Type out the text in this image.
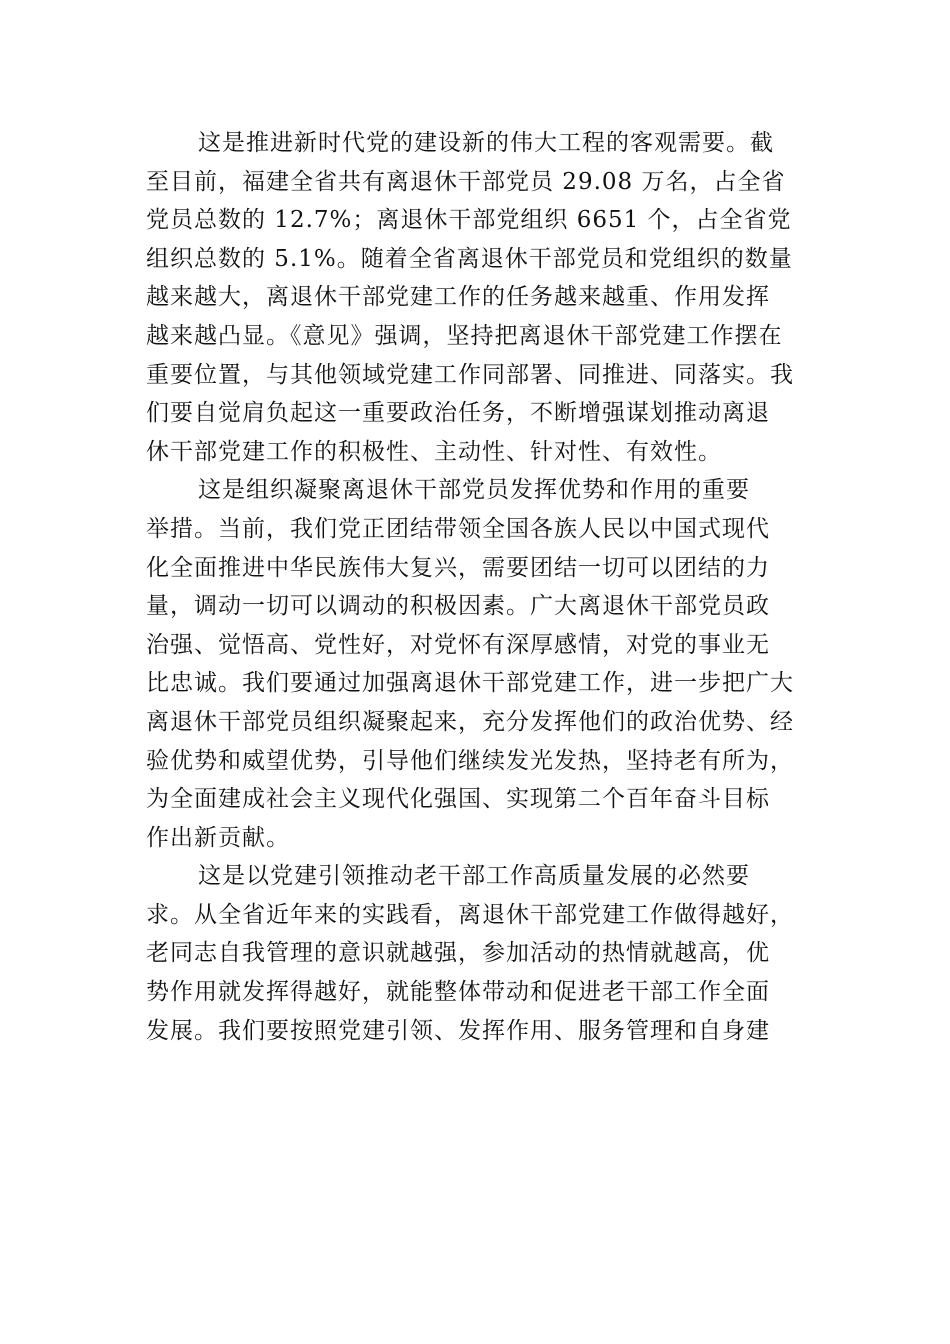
这是推进新时代党的建设新的伟大工程的客观需要。截
至目前，福建全省共有离退休干部党员 29.08 万名，占全省
党员总数的 12.7%；离退休干部党组织 6651 个，占全省党
组织总数的 5.1%。随着全省离退休干部党员和党组织的数量
越来越大，离退休干部党建工作的任务越来越重、作用发挥
越来越凸显。《意见》强调，坚持把离退休干部党建工作摆在
重要位置，与其他领域党建工作同部署、同推进、同落实。我
们要自觉肩负起这一重要政治任务，不断增强谋划推动离退
休干部党建工作的积极性、主动性、针对性、有效性。
这是组织凝聚离退休干部党员发挥优势和作用的重要
举措。当前，我们党正团结带领全国各族人民以中国式现代
化全面推进中华民族伟大复兴，需要团结一切可以团结的力
量，调动一切可以调动的积极因素。广大离退休干部党员政
治强、觉悟高、党性好，对党怀有深厚感情，对党的事业无
比忠诚。我们要通过加强离退休干部党建工作，进一步把广大
离退休干部党员组织凝聚起来，充分发挥他们的政治优势、经
验优势和威望优势，引导他们继续发光发热，坚持老有所为，
为全面建成社会主义现代化强国、实现第二个百年奋斗目标
作出新贡献。
这是以党建引领推动老干部工作高质量发展的必然要
求。从全省近年来的实践看，离退休干部党建工作做得越好，
老同志自我管理的意识就越强，参加活动的热情就越高，优
势作用就发挥得越好，就能整体带动和促进老干部工作全面
发展。我们要按照党建引领、发挥作用、服务管理和自身建
